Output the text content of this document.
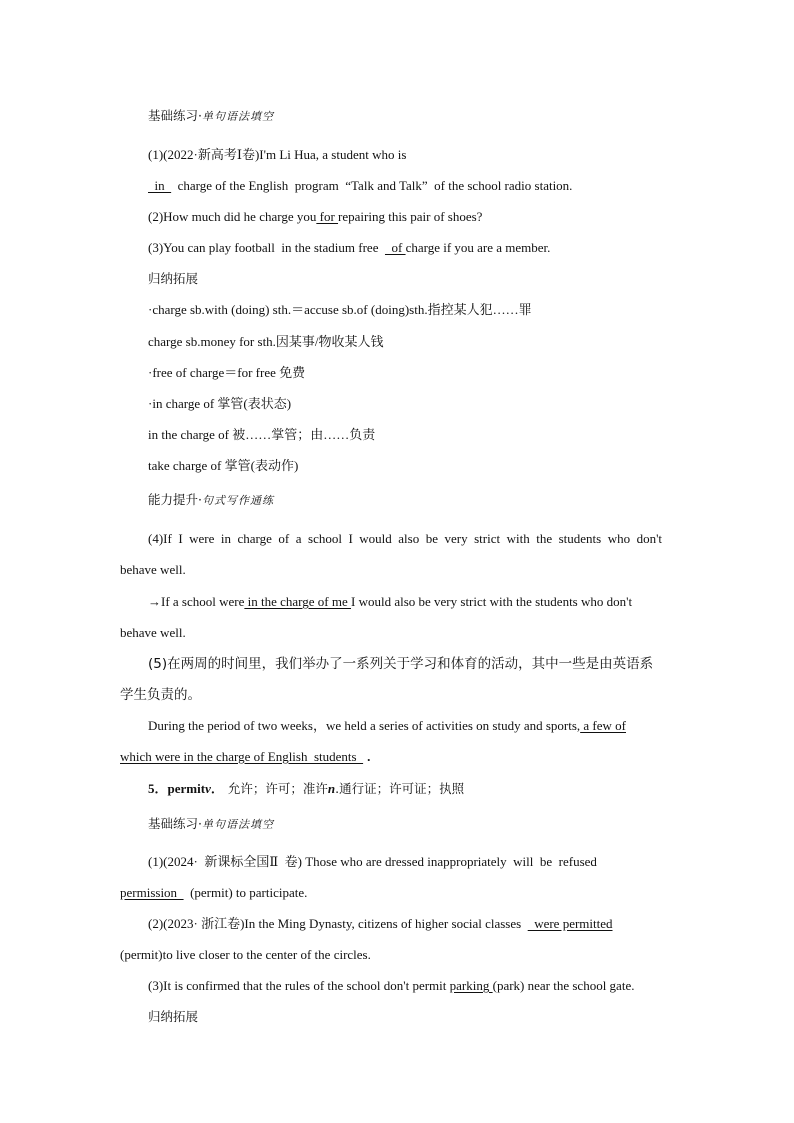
基础练习·单句语法填空
(1)(2022·新高考Ⅰ卷)I'm Li Hua, a student who is
in    charge of the English  program  “Talk and Talk”  of the school radio station.
(2)How much did he charge you for repairing this pair of shoes?
(3)You can play football  in the stadium free    of charge if you are a member.
归纳拓展
·charge sb.with (doing) sth.＝accuse sb.of (doing)sth.指控某人犯……罪
charge sb.money for sth.因某事/物收某人钱
·free of charge＝for free 免费
·in charge of 掌管(表状态)
in the charge of 被……掌管；由……负责
take charge of 掌管(表动作)
能力提升·句式写作通练
(4)If  I  were  in  charge  of  a  school  I  would  also  be  very  strict  with  the  students  who  don't
behave well.
→If a school were in the charge of me I would also be very strict with the students who don't
behave well.
(5)在两周的时间里，我们举办了一系列关于学习和体育的活动，其中一些是由英语系
学生负责的。
During the period of two weeks，we held a series of activities on study and sports, a few of
which were in the charge of English  students  .
5．permitv． 允许；许可；准许n.通行证；许可证；执照
基础练习·单句语法填空
(1)(2024·  新课标全国Ⅱ  卷) Those who are dressed inappropriately  will  be  refused
permission    (permit) to participate.
(2)(2023· 浙江卷)In the Ming Dynasty, citizens of higher social classes    were permitted
(permit)to live closer to the center of the circles.
(3)It is confirmed that the rules of the school don't permit parking (park) near the school gate.
归纳拓展
